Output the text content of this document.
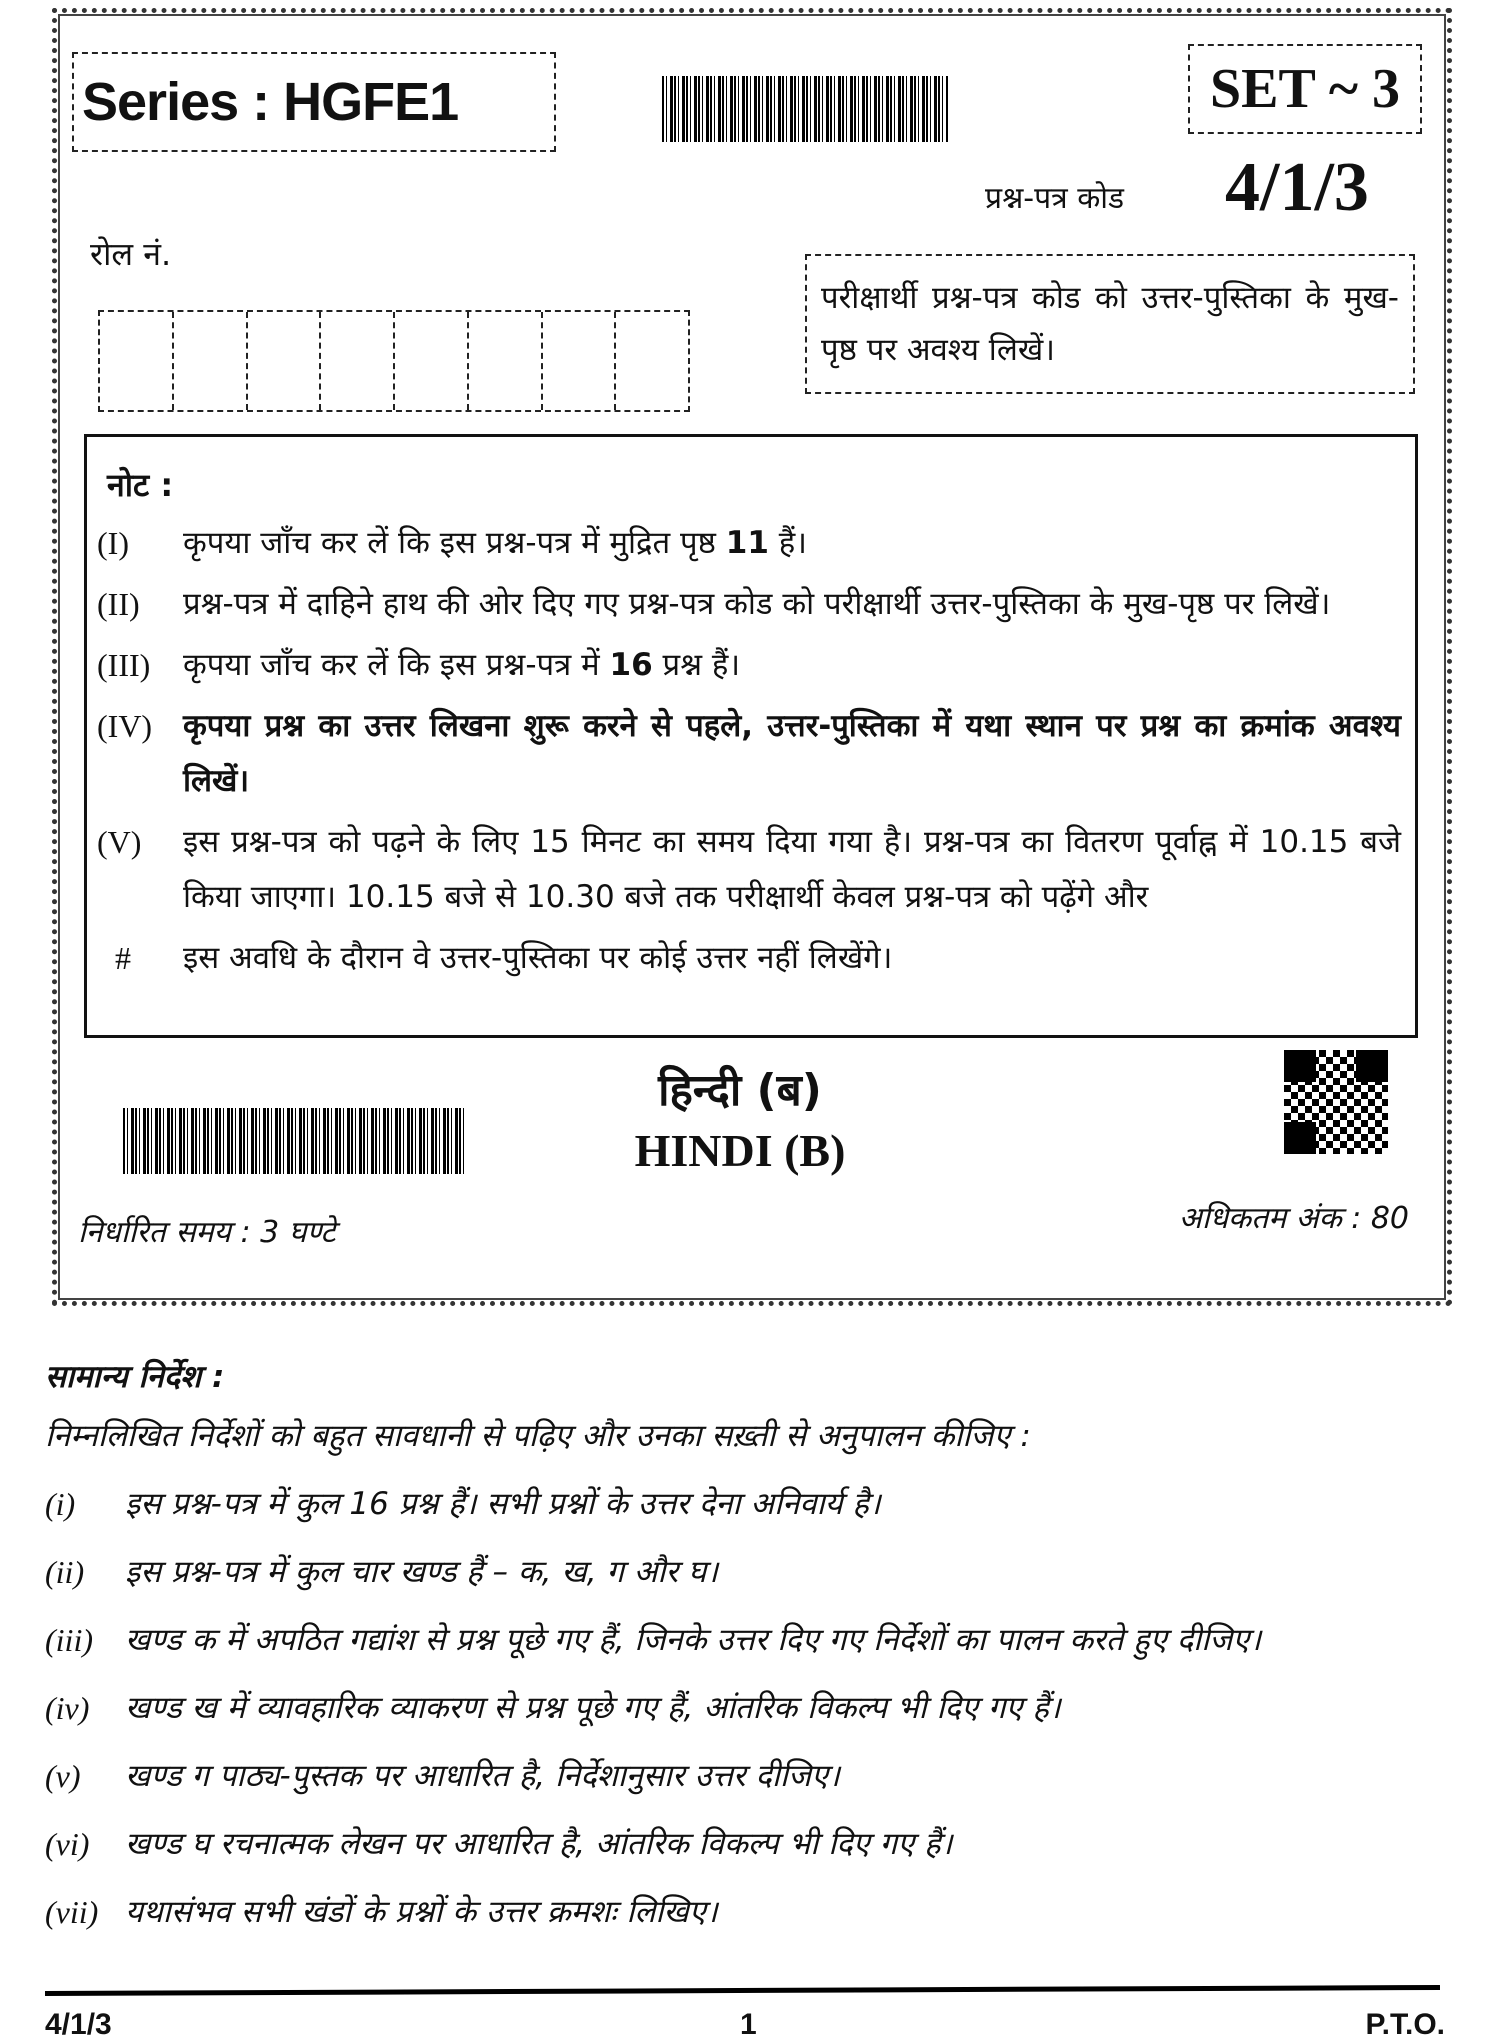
Series : HGFE1	SET ~ 3
प्रश्न-पत्र कोड 4/1/3
रोल नं.
परीक्षार्थी प्रश्न-पत्र कोड को उत्तर-पुस्तिका के मुख-पृष्ठ पर अवश्य लिखें।
नोट :
(I)	कृपया जाँच कर लें कि इस प्रश्न-पत्र में मुद्रित पृष्ठ 11 हैं।
(II)	प्रश्न-पत्र में दाहिने हाथ की ओर दिए गए प्रश्न-पत्र कोड को परीक्षार्थी उत्तर-पुस्तिका के मुख-पृष्ठ पर लिखें।
(III)	कृपया जाँच कर लें कि इस प्रश्न-पत्र में 16 प्रश्न हैं।
(IV) कृपया प्रश्न का उत्तर लिखना शुरू करने से पहले, उत्तर-पुस्तिका में यथा स्थान पर प्रश्न का क्रमांक अवश्य लिखें।
(V)	इस प्रश्न-पत्र को पढ़ने के लिए 15 मिनट का समय दिया गया है। प्रश्न-पत्र का वितरण पूर्वाह्न में 10.15 बजे किया जाएगा। 10.15 बजे से 10.30 बजे तक परीक्षार्थी केवल प्रश्न-पत्र को पढ़ेंगे और
#	इस अवधि के दौरान वे उत्तर-पुस्तिका पर कोई उत्तर नहीं लिखेंगे।
हिन्दी (ब)
HINDI (B)
निर्धारित समय : 3 घण्टे	अधिकतम अंक : 80
सामान्य निर्देश :

निम्नलिखित निर्देशों को बहुत सावधानी से पढ़िए और उनका सख़्ती से अनुपालन कीजिए :

(i)	इस प्रश्न-पत्र में कुल 16 प्रश्न हैं। सभी प्रश्नों के उत्तर देना अनिवार्य है।
(ii)	इस प्रश्न-पत्र में कुल चार खण्ड हैं – क, ख, ग और घ।
(iii)	खण्ड क में अपठित गद्यांश से प्रश्न पूछे गए हैं, जिनके उत्तर दिए गए निर्देशों का पालन करते हुए दीजिए।
(iv)	खण्ड ख में व्यावहारिक व्याकरण से प्रश्न पूछे गए हैं, आंतरिक विकल्प भी दिए गए हैं।
(v)	खण्ड ग पाठ्य-पुस्तक पर आधारित है, निर्देशानुसार उत्तर दीजिए।
(vi)	खण्ड घ रचनात्मक लेखन पर आधारित है, आंतरिक विकल्प भी दिए गए हैं।
(vii) यथासंभव सभी खंडों के प्रश्नों के उत्तर क्रमशः लिखिए।
4/1/3	1	P.T.O.
